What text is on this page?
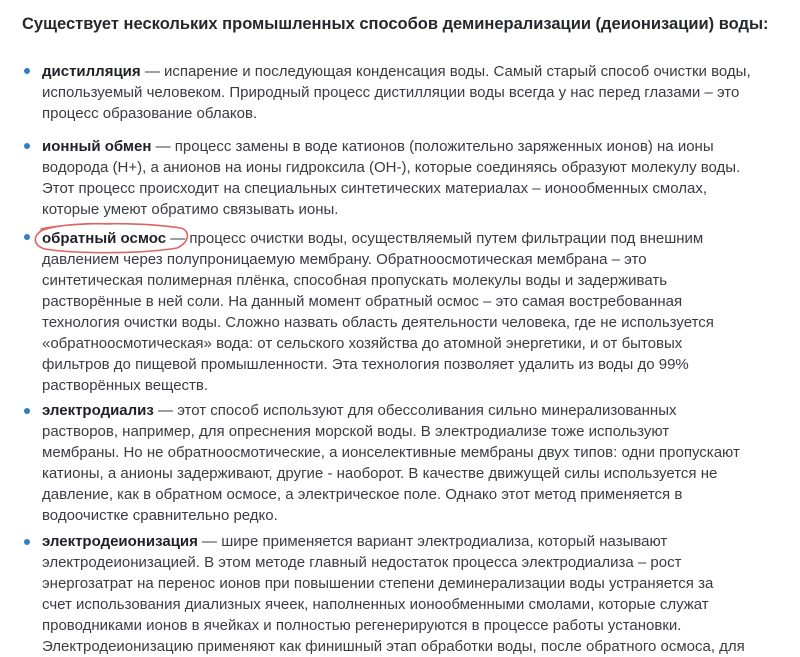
Существует нескольких промышленных способов деминерализации (деионизации) воды:
дистилляция — испарение и последующая конденсация воды. Самый старый способ очистки воды,
используемый человеком. Природный процесс дистилляции воды всегда у нас перед глазами – это
процесс образование облаков.
ионный обмен — процесс замены в воде катионов (положительно заряженных ионов) на ионы
водорода (Н+), а анионов на ионы гидроксила (ОН-), которые соединяясь образуют молекулу воды.
Этот процесс происходит на специальных синтетических материалах – ионообменных смолах,
которые умеют обратимо связывать ионы.
обратный осмос — процесс очистки воды, осуществляемый путем фильтрации под внешним
давлением через полупроницаемую мембрану. Обратноосмотическая мембрана – это
синтетическая полимерная плёнка, способная пропускать молекулы воды и задерживать
растворённые в ней соли. На данный момент обратный осмос – это самая востребованная
технология очистки воды. Сложно назвать область деятельности человека, где не используется
«обратноосмотическая» вода: от сельского хозяйства до атомной энергетики, и от бытовых
фильтров до пищевой промышленности. Эта технология позволяет удалить из воды до 99%
растворённых веществ.
электродиализ — этот способ используют для обессоливания сильно минерализованных
растворов, например, для опреснения морской воды. В электродиализе тоже используют
мембраны. Но не обратноосмотические, а ионселективные мембраны двух типов: одни пропускают
катионы, а анионы задерживают, другие - наоборот. В качестве движущей силы используется не
давление, как в обратном осмосе, а электрическое поле. Однако этот метод применяется в
водоочистке сравнительно редко.
электродеионизация — шире применяется вариант электродиализа, который называют
электродеионизацией. В этом методе главный недостаток процесса электродиализа – рост
энергозатрат на перенос ионов при повышении степени деминерализации воды устраняется за
счет использования диализных ячеек, наполненных ионообменными смолами, которые служат
проводниками ионов в ячейках и полностью регенерируются в процессе работы установки.
Электродеионизацию применяют как финишный этап обработки воды, после обратного осмоса, для
